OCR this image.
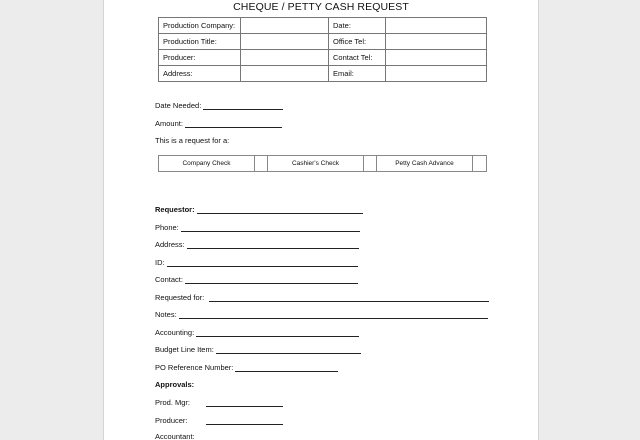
CHEQUE / PETTY CASH REQUEST
Production Company:		Date:	
Production Title:		Office Tel:	
Producer:		Contact Tel:	
Address:		Email:	
Date Needed:
Amount:
This is a request for a:
Company Check		Cashier's Check		Petty Cash Advance	
Requestor:
Phone:
Address:
ID:
Contact:
Requested for:
Notes:
Accounting:
Budget Line Item:
PO Reference Number:
Approvals:
Prod. Mgr:
Producer:
Accountant:
